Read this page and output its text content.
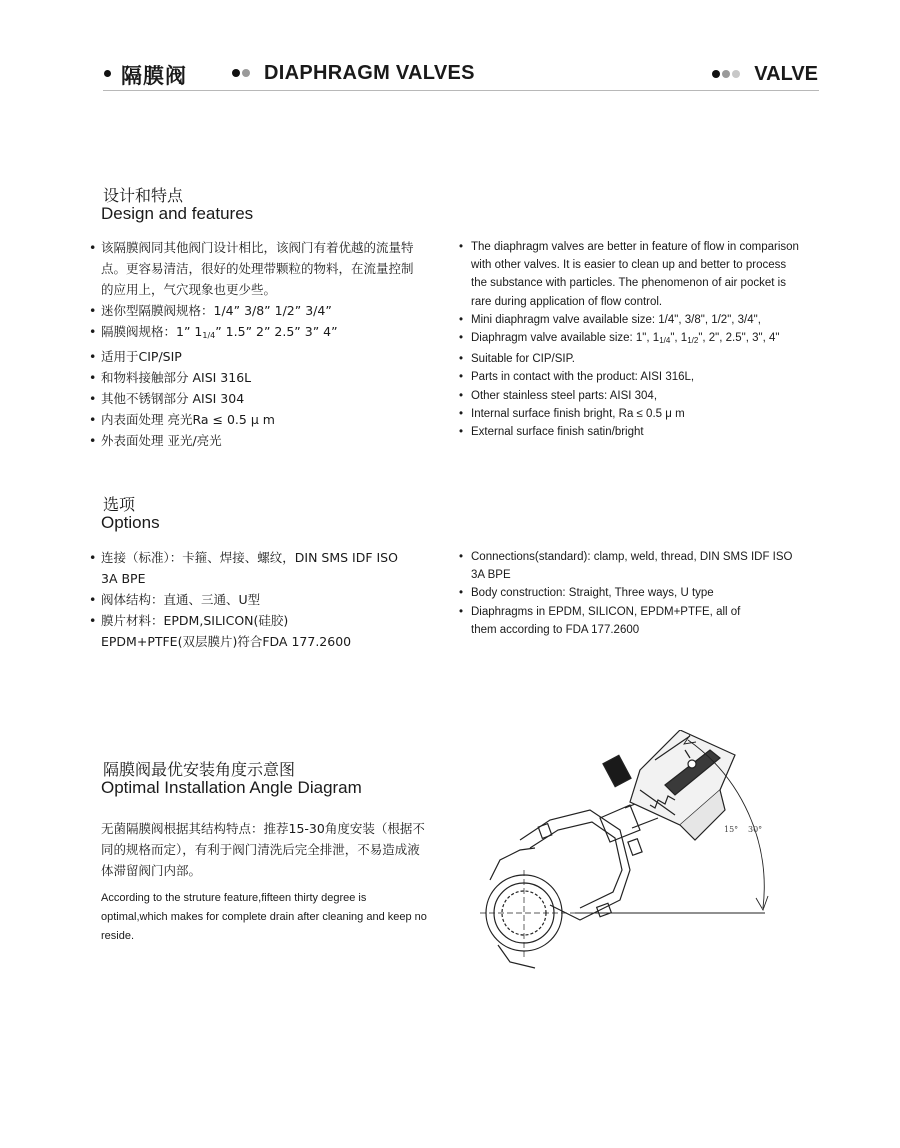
隔膜阀	DIAPHRAGM VALVES	VALVE
设计和特点
Design and features
• 该隔膜阀同其他阀门设计相比，该阀门有着优越的流量特
点。更容易清洁，很好的处理带颗粒的物料，在流量控制
的应用上，气穴现象也更少些。
• 迷你型隔膜阀规格：1/4” 3/8” 1/2” 3/4”
• 隔膜阀规格：1” $1_{1/4}$” 1.5” 2” 2.5” 3” 4”
• 适用于CIP/SIP
• 和物料接触部分 AISI 316L
• 其他不锈钢部分 AISI 304
• 内表面处理 亮光Ra ≤ 0.5 μ m
• 外表面处理 亚光/亮光
• The diaphragm valves are better in feature of flow in comparison
with other valves. It is easier to clean up and better to process
the substance with particles. The phenomenon of air pocket is
rare during application of flow control.
• Mini diaphragm valve available size: 1/4", 3/8", 1/2", 3/4",
• Diaphragm valve available size: 1", $1_{1/4}$", $1_{1/2}$", 2", 2.5", 3", 4"
• Suitable for CIP/SIP.
• Parts in contact with the product: AISI 316L,
• Other stainless steel parts: AISI 304,
• Internal surface finish bright, Ra ≤ 0.5 μ m
• External surface finish satin/bright
选项
Options
• 连接（标准）：卡箍、焊接、螺纹，DIN SMS IDF ISO
3A BPE
• 阀体结构：直通、三通、U型
• 膜片材料：EPDM,SILICON(硅胶)
EPDM+PTFE(双层膜片)符合FDA 177.2600
• Connections(standard): clamp, weld, thread, DIN SMS IDF ISO
3A BPE
• Body construction: Straight, Three ways, U type
• Diaphragms in EPDM, SILICON, EPDM+PTFE, all of
them according to FDA 177.2600
隔膜阀最优安装角度示意图
Optimal Installation Angle Diagram
无菌隔膜阀根据其结构特点：推荐15-30角度安装（根据不
同的规格而定），有利于阀门清洗后完全排泄，不易造成液
体滞留阀门内部。
According to the struture feature,fifteen thirty degree is
optimal,which makes for complete drain after cleaning and keep no
reside.
15° 30°
